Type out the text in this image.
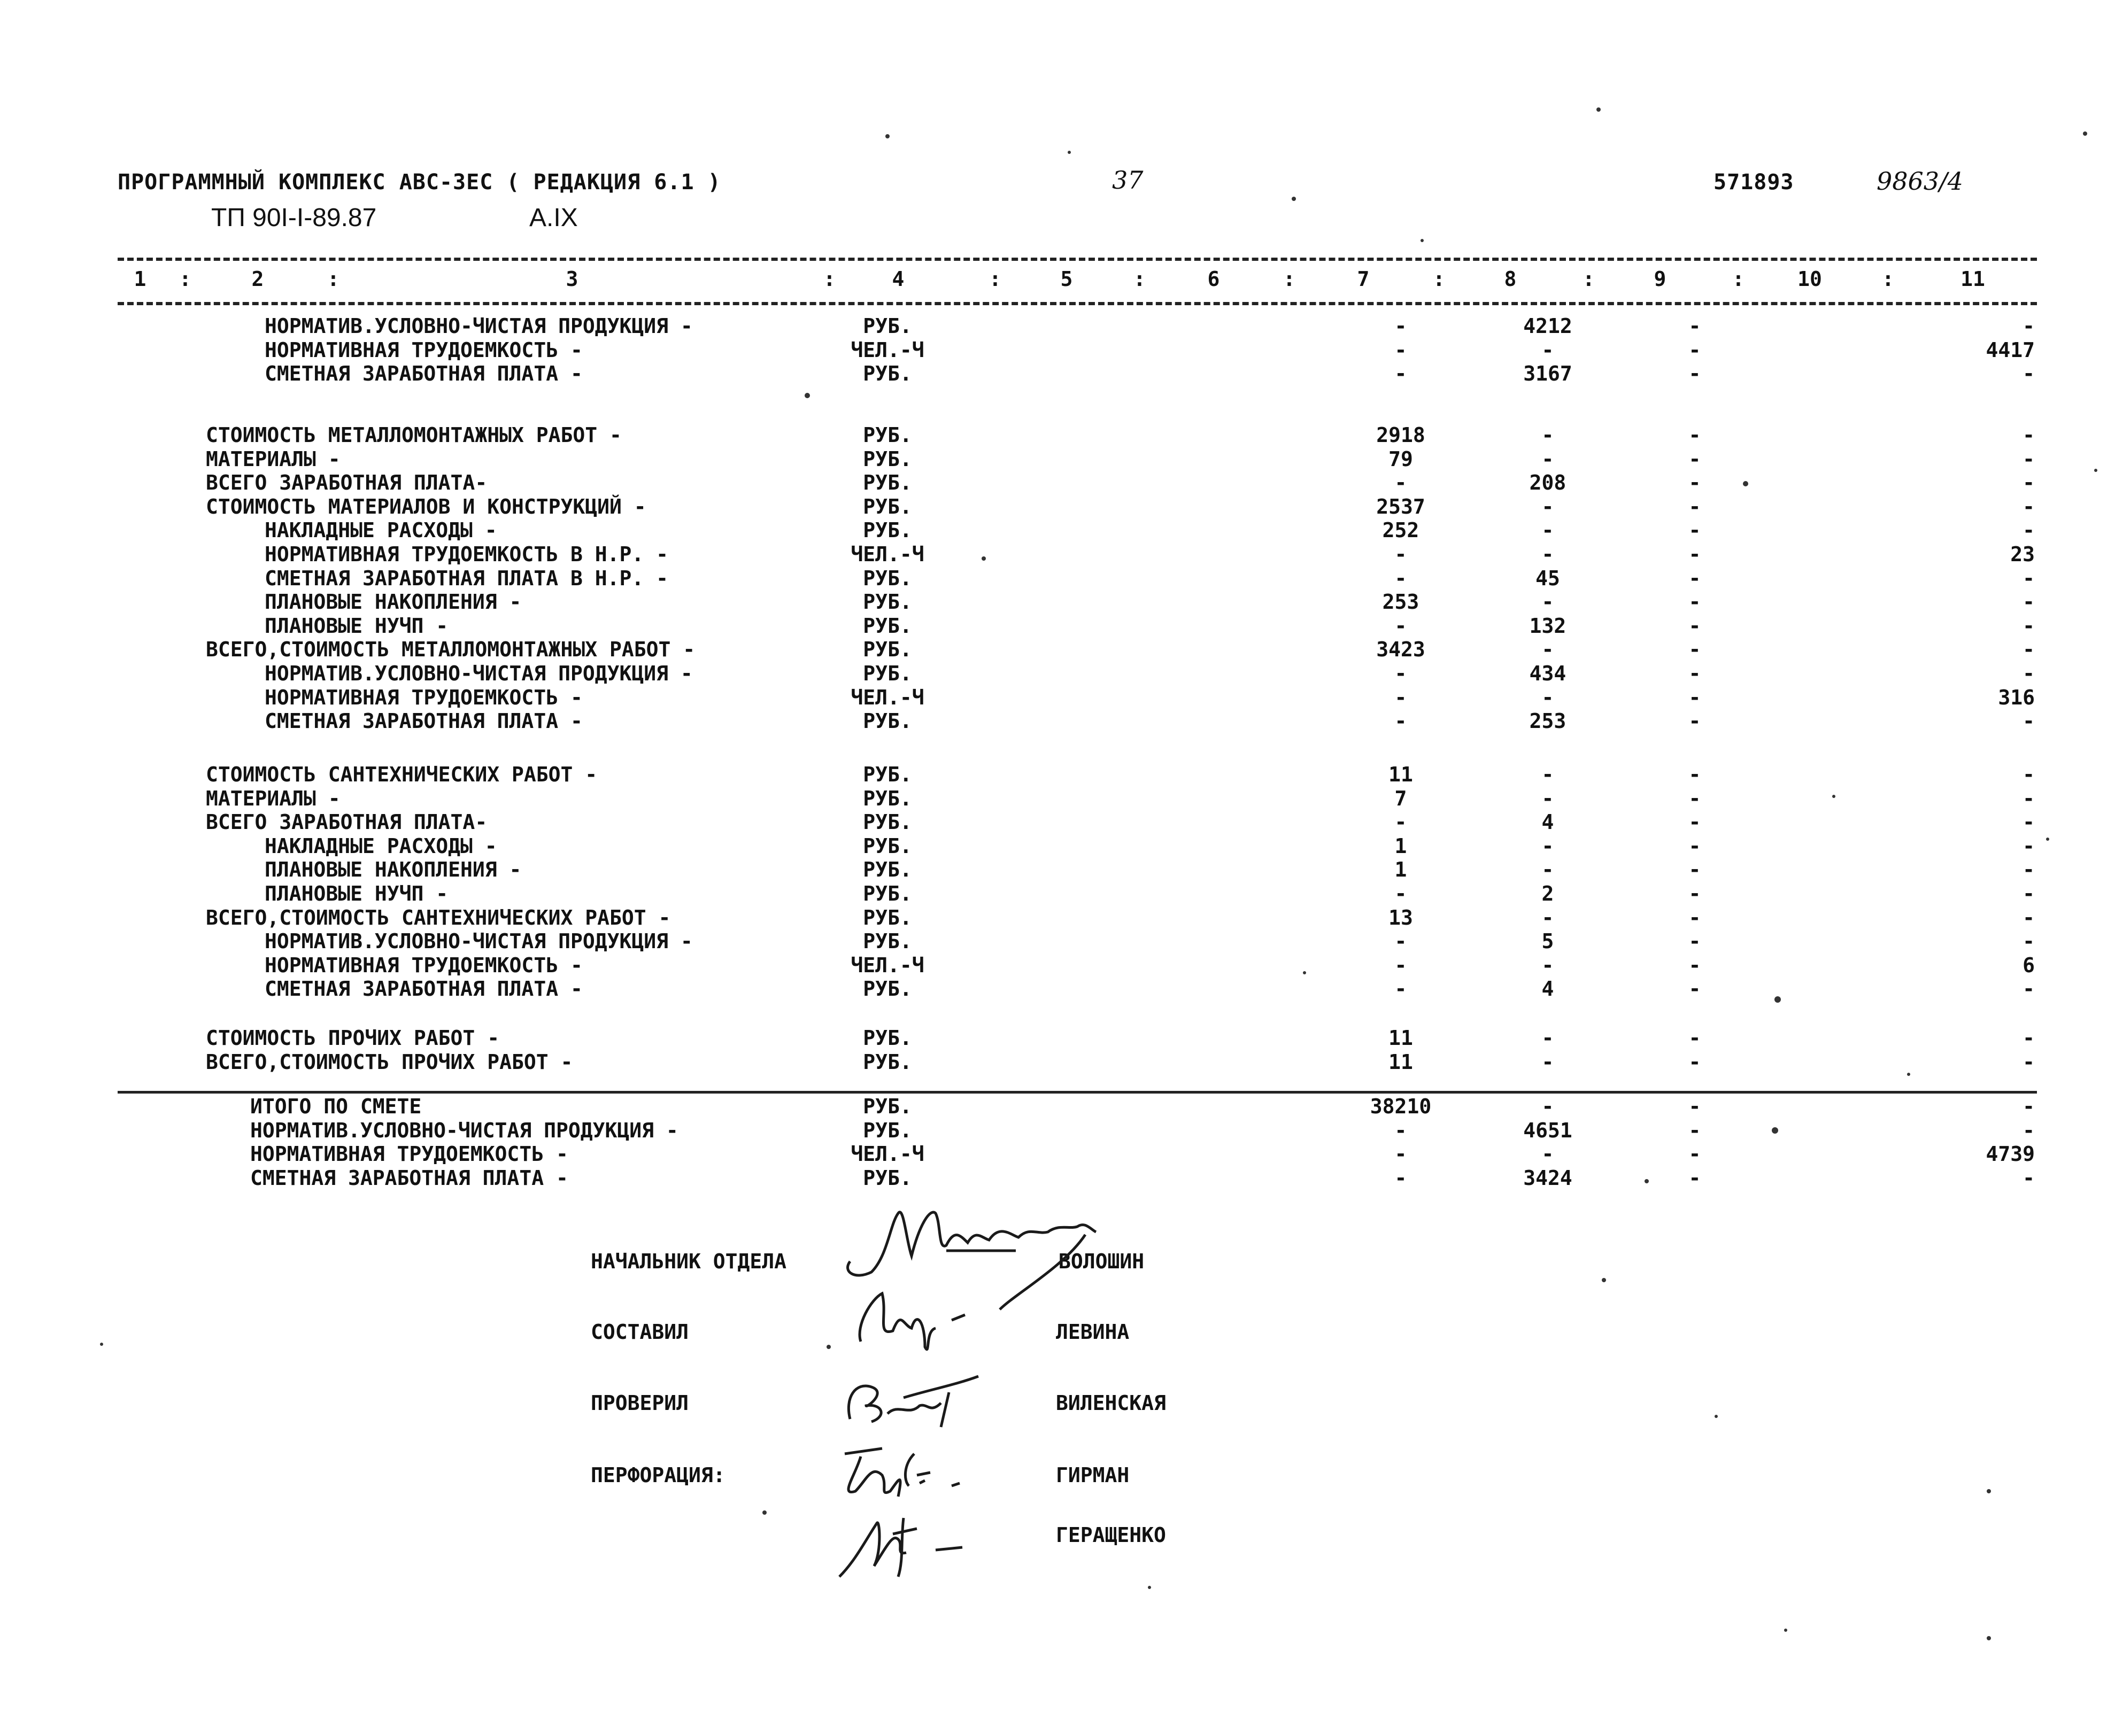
ПРОГРАММНЫЙ КОМПЛЕКС АВС-3ЕС ( РЕДАКЦИЯ 6.1 )	37	571893	9863/4
ТП 90I-I-89.87	А.IX
1 :	2	:	3	:	4	:	5	:	6	:	7	:	8	:	9	:	10	:	11
НОРМАТИВ.УСЛОВНО-ЧИСТАЯ ПРОДУКЦИЯ -	РУБ.	-	4212	-	-
НОРМАТИВНАЯ ТРУДОЕМКОСТЬ -	ЧЕЛ.-Ч	-	-	-	4417
СМЕТНАЯ ЗАРАБОТНАЯ ПЛАТА -	РУБ.	-	3167	-	-
СТОИМОСТЬ МЕТАЛЛОМОНТАЖНЫХ РАБОТ -	РУБ.	2918	-	-	-
МАТЕРИАЛЫ -	РУБ.	79	-	-	-
ВСЕГО ЗАРАБОТНАЯ ПЛАТА-	РУБ.	-	208	-	-
СТОИМОСТЬ МАТЕРИАЛОВ И КОНСТРУКЦИЙ -	РУБ.	2537	-	-	-
НАКЛАДНЫЕ РАСХОДЫ -	РУБ.	252	-	-	-
НОРМАТИВНАЯ ТРУДОЕМКОСТЬ В Н.Р. -	ЧЕЛ.-Ч	-	-	-	23
СМЕТНАЯ ЗАРАБОТНАЯ ПЛАТА В Н.Р. -	РУБ.	-	45	-	-
ПЛАНОВЫЕ НАКОПЛЕНИЯ -	РУБ.	253	-	-	-
ПЛАНОВЫЕ НУЧП -	РУБ.	-	132	-	-
ВСЕГО,СТОИМОСТЬ МЕТАЛЛОМОНТАЖНЫХ РАБОТ -	РУБ.	3423	-	-	-
НОРМАТИВ.УСЛОВНО-ЧИСТАЯ ПРОДУКЦИЯ -	РУБ.	-	434	-	-
НОРМАТИВНАЯ ТРУДОЕМКОСТЬ -	ЧЕЛ.-Ч	-	-	-	316
СМЕТНАЯ ЗАРАБОТНАЯ ПЛАТА -	РУБ.	-	253	-	-
СТОИМОСТЬ САНТЕХНИЧЕСКИХ РАБОТ -	РУБ.	11	-	-	-
МАТЕРИАЛЫ -	РУБ.	7	-	-	-
ВСЕГО ЗАРАБОТНАЯ ПЛАТА-	РУБ.	-	4	-	-
НАКЛАДНЫЕ РАСХОДЫ -	РУБ.	1	-	-	-
ПЛАНОВЫЕ НАКОПЛЕНИЯ -	РУБ.	1	-	-	-
ПЛАНОВЫЕ НУЧП -	РУБ.	-	2	-	-
ВСЕГО,СТОИМОСТЬ САНТЕХНИЧЕСКИХ РАБОТ -	РУБ.	13	-	-	-
НОРМАТИВ.УСЛОВНО-ЧИСТАЯ ПРОДУКЦИЯ -	РУБ.	-	5	-	-
НОРМАТИВНАЯ ТРУДОЕМКОСТЬ -	ЧЕЛ.-Ч	-	-	-	6
СМЕТНАЯ ЗАРАБОТНАЯ ПЛАТА -	РУБ.	-	4	-	-
СТОИМОСТЬ ПРОЧИХ РАБОТ -	РУБ.	11	-	-	-
ВСЕГО,СТОИМОСТЬ ПРОЧИХ РАБОТ -	РУБ.	11	-	-	-
ИТОГО ПО СМЕТЕ	РУБ.	38210	-	-	-
НОРМАТИВ.УСЛОВНО-ЧИСТАЯ ПРОДУКЦИЯ -	РУБ.	-	4651	-	-
НОРМАТИВНАЯ ТРУДОЕМКОСТЬ -	ЧЕЛ.-Ч	-	-	-	4739
СМЕТНАЯ ЗАРАБОТНАЯ ПЛАТА -	РУБ.	-	3424	-	-
НАЧАЛЬНИК ОТДЕЛА	ВОЛОШИН
СОСТАВИЛ	ЛЕВИНА
ПРОВЕРИЛ	ВИЛЕНСКАЯ
ПЕРФОРАЦИЯ:	ГИРМАН
ГЕРАЩЕНКО
